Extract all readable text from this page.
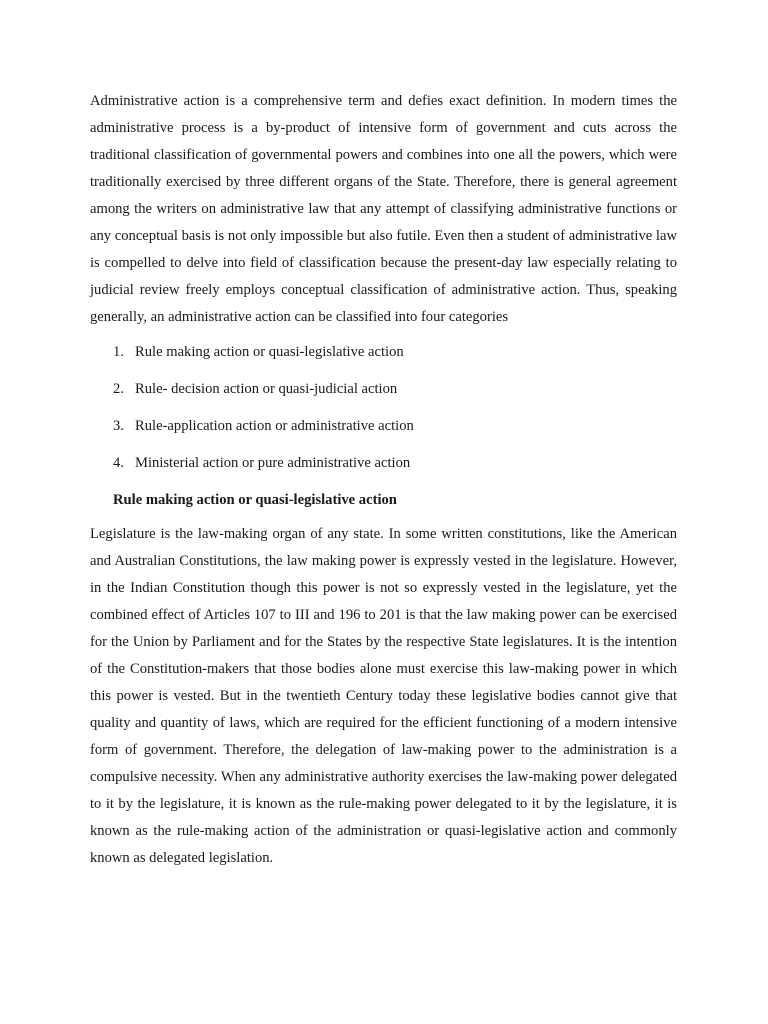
Administrative action is a comprehensive term and defies exact definition. In modern times the administrative process is a by-product of intensive form of government and cuts across the traditional classification of governmental powers and combines into one all the powers, which were traditionally exercised by three different organs of the State. Therefore, there is general agreement among the writers on administrative law that any attempt of classifying administrative functions or any conceptual basis is not only impossible but also futile. Even then a student of administrative law is compelled to delve into field of classification because the present-day law especially relating to judicial review freely employs conceptual classification of administrative action. Thus, speaking generally, an administrative action can be classified into four categories

1. Rule making action or quasi-legislative action
2. Rule- decision action or quasi-judicial action
3. Rule-application action or administrative action
4. Ministerial action or pure administrative action

Rule making action or quasi-legislative action

Legislature is the law-making organ of any state. In some written constitutions, like the American and Australian Constitutions, the law making power is expressly vested in the legislature. However, in the Indian Constitution though this power is not so expressly vested in the legislature, yet the combined effect of Articles 107 to III and 196 to 201 is that the law making power can be exercised for the Union by Parliament and for the States by the respective State legislatures. It is the intention of the Constitution-makers that those bodies alone must exercise this law-making power in which this power is vested. But in the twentieth Century today these legislative bodies cannot give that quality and quantity of laws, which are required for the efficient functioning of a modern intensive form of government. Therefore, the delegation of law-making power to the administration is a compulsive necessity. When any administrative authority exercises the law-making power delegated to it by the legislature, it is known as the rule-making power delegated to it by the legislature, it is known as the rule-making action of the administration or quasi-legislative action and commonly known as delegated legislation.
